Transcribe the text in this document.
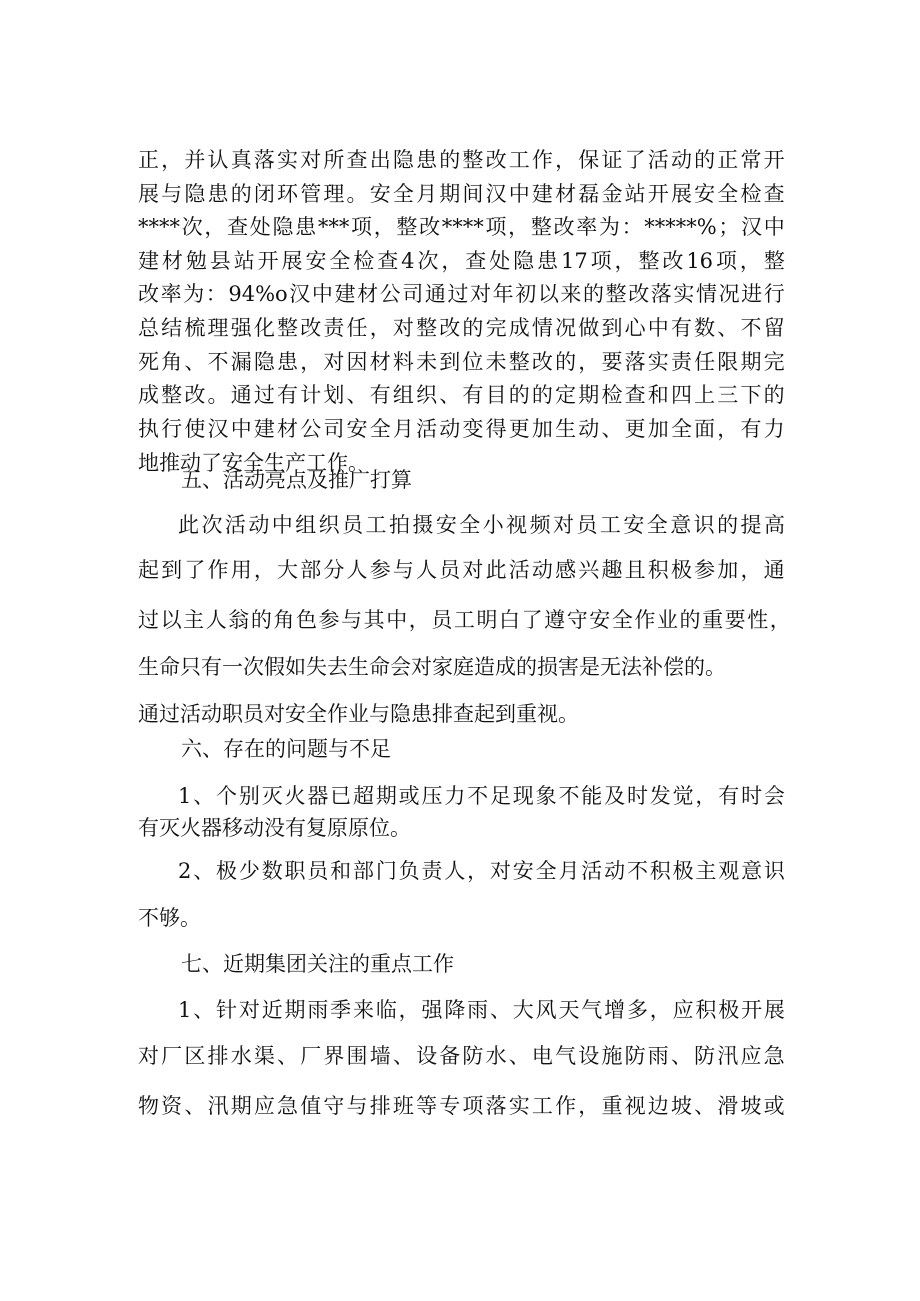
正 ， 并 认 真 落 实 对 所 查 出 隐 患 的 整 改 工 作 ， 保 证 了 活 动 的 正 常 开
展 与 隐 患 的 闭 环 管 理 。 安 全 月 期 间 汉 中 建 材 磊 金 站 开 展 安 全 检 查
**** 次 ， 查 处 隐 患 *** 项 ， 整 改 **** 项 ， 整 改 率 为 ： *****% ； 汉 中
建 材 勉 县 站 开 展 安 全 检 查 4 次 ， 查 处 隐 患 17 项 ， 整 改 16 项 ， 整
改 率 为 ： 94%o 汉 中 建 材 公 司 通 过 对 年 初 以 来 的 整 改 落 实 情 况 进 行
总 结 梳 理 强 化 整 改 责 任 ， 对 整 改 的 完 成 情 况 做 到 心 中 有 数 、 不 留
死 角 、 不 漏 隐 患 ， 对 因 材 料 未 到 位 未 整 改 的 ， 要 落 实 责 任 限 期 完
成 整 改 。 通 过 有 计 划 、 有 组 织 、 有 目 的 的 定 期 检 查 和 四 上 三 下 的
执 行 使 汉 中 建 材 公 司 安 全 月 活 动 变 得 更 加 生 动 、 更 加 全 面 ， 有 力
地推动了安全生产工作。
五、活动亮点及推广打算
此 次 活 动 中 组 织 员 工 拍 摄 安 全 小 视 频 对 员 工 安 全 意 识 的 提 高
起 到 了 作 用 ， 大 部 分 人 参 与 人 员 对 此 活 动 感 兴 趣 且 积 极 参 加 ， 通
过 以 主 人 翁 的 角 色 参 与 其 中 ， 员 工 明 白 了 遵 守 安 全 作 业 的 重 要 性 ，
生命只有一次假如失去生命会对家庭造成的损害是无法补偿的。
通过活动职员对安全作业与隐患排查起到重视。
六、存在的问题与不足
1 、 个 别 灭 火 器 已 超 期 或 压 力 不 足 现 象 不 能 及 时 发 觉 ， 有 时 会
有灭火器移动没有复原原位。
2 、 极 少 数 职 员 和 部 门 负 责 人 ， 对 安 全 月 活 动 不 积 极 主 观 意 识
不够。
七、近期集团关注的重点工作
1 、 针 对 近 期 雨 季 来 临 ， 强 降 雨 、 大 风 天 气 增 多 ， 应 积 极 开 展
对 厂 区 排 水 渠 、 厂 界 围 墙 、 设 备 防 水 、 电 气 设 施 防 雨 、 防 汛 应 急
物 资 、 汛 期 应 急 值 守 与 排 班 等 专 项 落 实 工 作 ， 重 视 边 坡 、 滑 坡 或
